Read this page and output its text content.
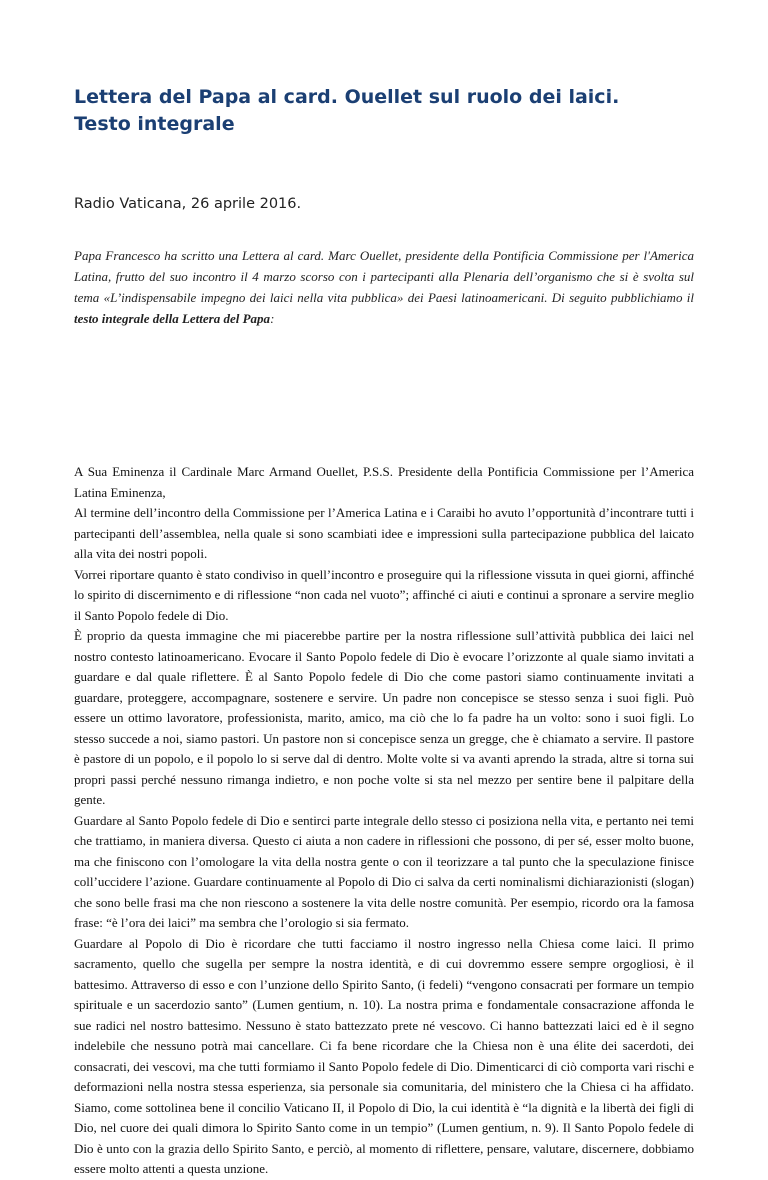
Lettera del Papa al card. Ouellet sul ruolo dei laici.
Testo integrale
Radio Vaticana, 26 aprile 2016.

Papa Francesco ha scritto una Lettera al card. Marc Ouellet, presidente della Pontificia Commissione per l'America Latina, frutto del suo incontro il 4 marzo scorso con i partecipanti alla Plenaria dell’organismo che si è svolta sul tema «L’indispensabile impegno dei laici nella vita pubblica» dei Paesi latinoamericani. Di seguito pubblichiamo il testo integrale della Lettera del Papa:

A Sua Eminenza il Cardinale Marc Armand Ouellet, P.S.S. Presidente della Pontificia Commissione per l’America Latina Eminenza,

Al termine dell’incontro della Commissione per l’America Latina e i Caraibi ho avuto l’opportunità d’incontrare tutti i partecipanti dell’assemblea, nella quale si sono scambiati idee e impressioni sulla partecipazione pubblica del laicato alla vita dei nostri popoli.

Vorrei riportare quanto è stato condiviso in quell’incontro e proseguire qui la riflessione vissuta in quei giorni, affinché lo spirito di discernimento e di riflessione “non cada nel vuoto”; affinché ci aiuti e continui a spronare a servire meglio il Santo Popolo fedele di Dio.

È proprio da questa immagine che mi piacerebbe partire per la nostra riflessione sull’attività pubblica dei laici nel nostro contesto latinoamericano. Evocare il Santo Popolo fedele di Dio è evocare l’orizzonte al quale siamo invitati a guardare e dal quale riflettere. È al Santo Popolo fedele di Dio che come pastori siamo continuamente invitati a guardare, proteggere, accompagnare, sostenere e servire. Un padre non concepisce se stesso senza i suoi figli. Può essere un ottimo lavoratore, professionista, marito, amico, ma ciò che lo fa padre ha un volto: sono i suoi figli. Lo stesso succede a noi, siamo pastori. Un pastore non si concepisce senza un gregge, che è chiamato a servire. Il pastore è pastore di un popolo, e il popolo lo si serve dal di dentro. Molte volte si va avanti aprendo la strada, altre si torna sui propri passi perché nessuno rimanga indietro, e non poche volte si sta nel mezzo per sentire bene il palpitare della gente.

Guardare al Santo Popolo fedele di Dio e sentirci parte integrale dello stesso ci posiziona nella vita, e pertanto nei temi che trattiamo, in maniera diversa. Questo ci aiuta a non cadere in riflessioni che possono, di per sé, esser molto buone, ma che finiscono con l’omologare la vita della nostra gente o con il teorizzare a tal punto che la speculazione finisce coll’uccidere l’azione. Guardare continuamente al Popolo di Dio ci salva da certi nominalismi dichiarazionisti (slogan) che sono belle frasi ma che non riescono a sostenere la vita delle nostre comunità. Per esempio, ricordo ora la famosa frase: “è l’ora dei laici” ma sembra che l’orologio si sia fermato.

Guardare al Popolo di Dio è ricordare che tutti facciamo il nostro ingresso nella Chiesa come laici. Il primo sacramento, quello che sugella per sempre la nostra identità, e di cui dovremmo essere sempre orgogliosi, è il battesimo. Attraverso di esso e con l’unzione dello Spirito Santo, (i fedeli) “vengono consacrati per formare un tempio spirituale e un sacerdozio santo” (Lumen gentium, n. 10). La nostra prima e fondamentale consacrazione affonda le sue radici nel nostro battesimo. Nessuno è stato battezzato prete né vescovo. Ci hanno battezzati laici ed è il segno indelebile che nessuno potrà mai cancellare. Ci fa bene ricordare che la Chiesa non è una élite dei sacerdoti, dei consacrati, dei vescovi, ma che tutti formiamo il Santo Popolo fedele di Dio. Dimenticarci di ciò comporta vari rischi e deformazioni nella nostra stessa esperienza, sia personale sia comunitaria, del ministero che la Chiesa ci ha affidato. Siamo, come sottolinea bene il concilio Vaticano II, il Popolo di Dio, la cui identità è “la dignità e la libertà dei figli di Dio, nel cuore dei quali dimora lo Spirito Santo come in un tempio” (Lumen gentium, n. 9). Il Santo Popolo fedele di Dio è unto con la grazia dello Spirito Santo, e perciò, al momento di riflettere, pensare, valutare, discernere, dobbiamo essere molto attenti a questa unzione.
